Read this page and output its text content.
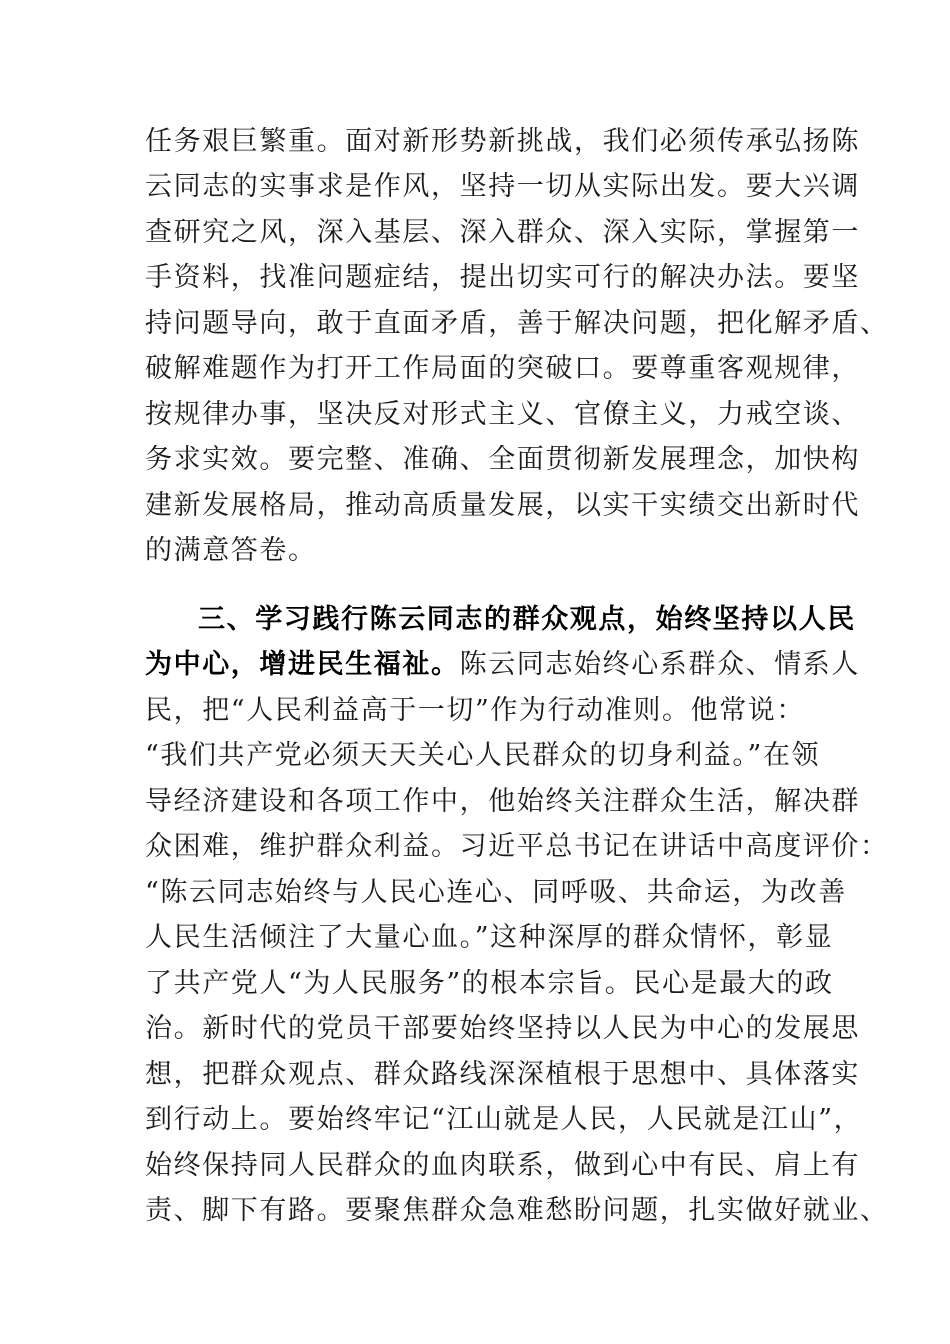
任务艰巨繁重。面对新形势新挑战，我们必须传承弘扬陈
云同志的实事求是作风，坚持一切从实际出发。要大兴调
查研究之风，深入基层、深入群众、深入实际，掌握第一
手资料，找准问题症结，提出切实可行的解决办法。要坚
持问题导向，敢于直面矛盾，善于解决问题，把化解矛盾、
破解难题作为打开工作局面的突破口。要尊重客观规律，
按规律办事，坚决反对形式主义、官僚主义，力戒空谈、
务求实效。要完整、准确、全面贯彻新发展理念，加快构
建新发展格局，推动高质量发展，以实干实绩交出新时代
的满意答卷。
三、学习践行陈云同志的群众观点，始终坚持以人民
为中心，增进民生福祉。陈云同志始终心系群众、情系人
民，把“人民利益高于一切”作为行动准则。他常说：
“我们共产党必须天天关心人民群众的切身利益。”在领
导经济建设和各项工作中，他始终关注群众生活，解决群
众困难，维护群众利益。习近平总书记在讲话中高度评价：
“陈云同志始终与人民心连心、同呼吸、共命运，为改善
人民生活倾注了大量心血。”这种深厚的群众情怀，彰显
了共产党人“为人民服务”的根本宗旨。民心是最大的政
治。新时代的党员干部要始终坚持以人民为中心的发展思
想，把群众观点、群众路线深深植根于思想中、具体落实
到行动上。要始终牢记“江山就是人民，人民就是江山”，
始终保持同人民群众的血肉联系，做到心中有民、肩上有
责、脚下有路。要聚焦群众急难愁盼问题，扎实做好就业、
